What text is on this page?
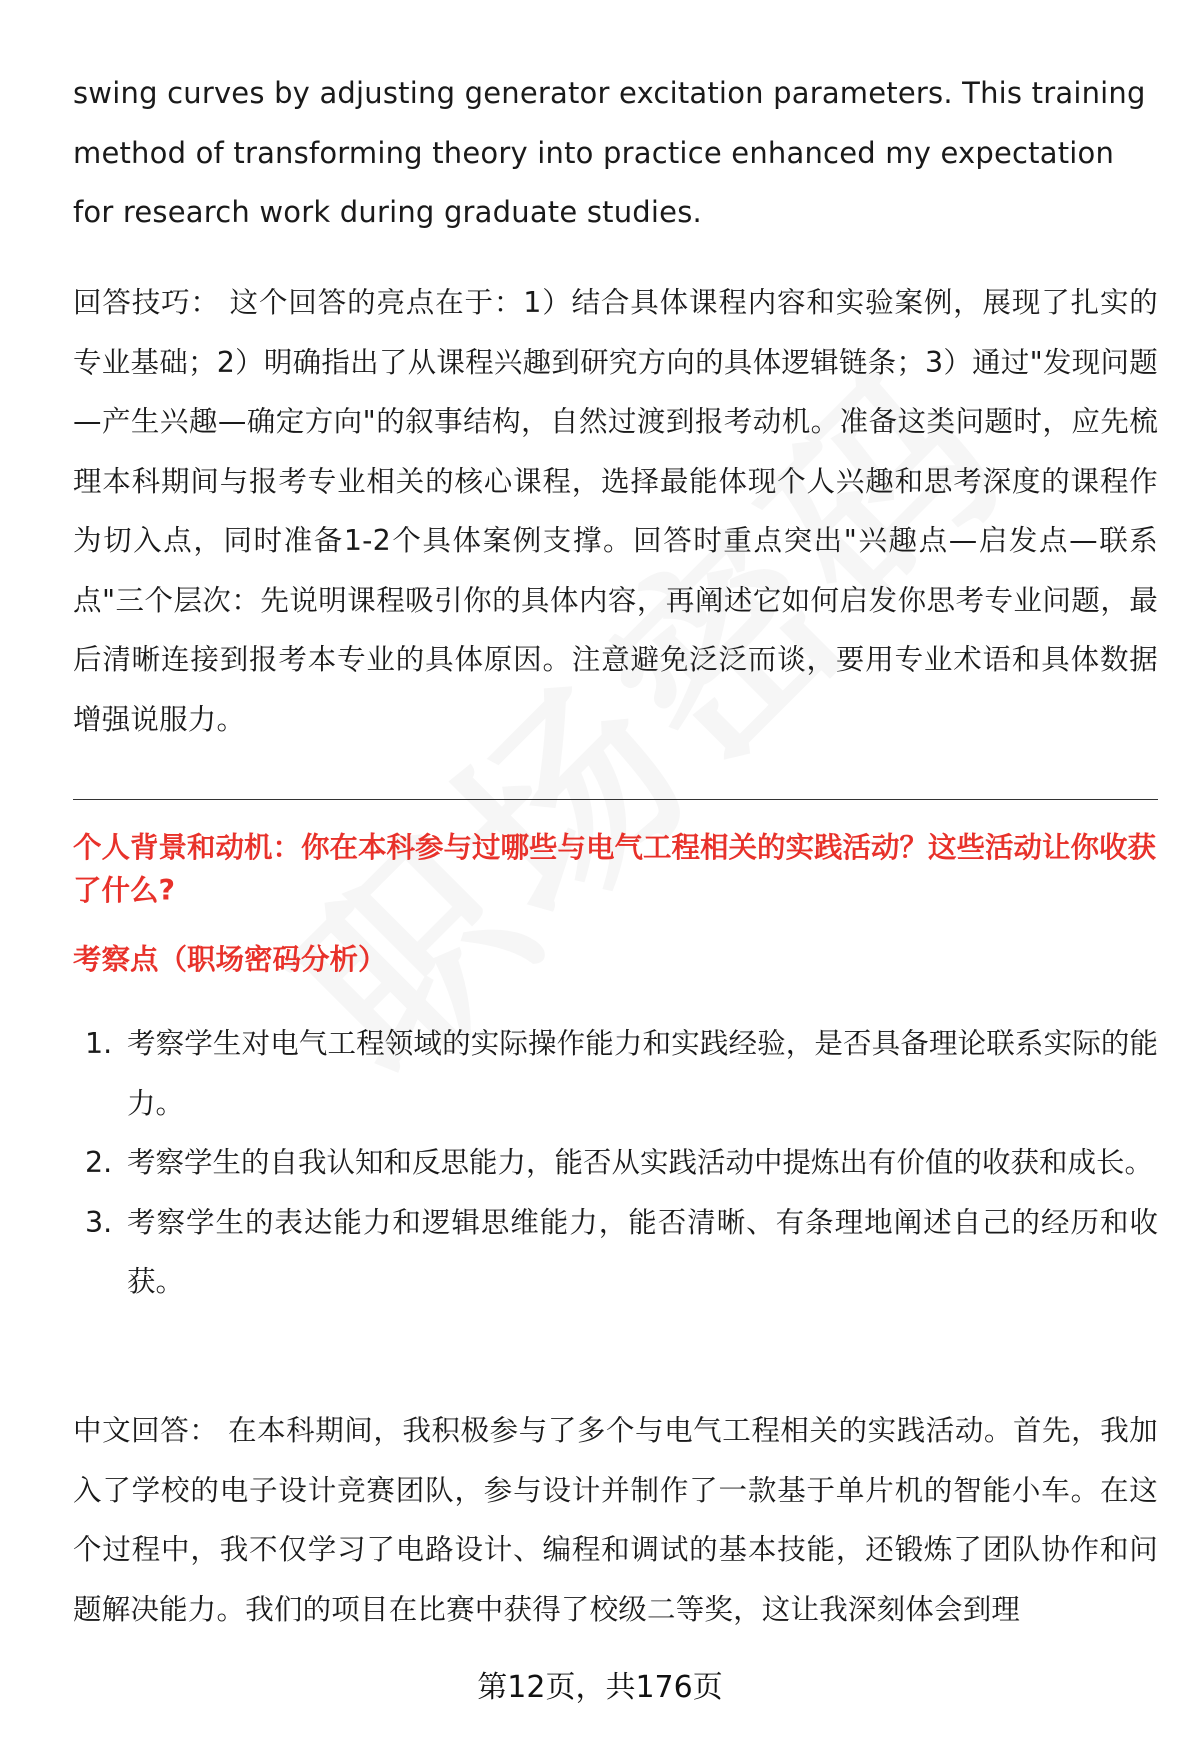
swing curves by adjusting generator excitation parameters. This training method of transforming theory into practice enhanced my expectation for research work during graduate studies.

回答技巧： 这个回答的亮点在于：1）结合具体课程内容和实验案例，展现了扎实的专业基础；2）明确指出了从课程兴趣到研究方向的具体逻辑链条；3）通过"发现问题—产生兴趣—确定方向"的叙事结构，自然过渡到报考动机。准备这类问题时，应先梳理本科期间与报考专业相关的核心课程，选择最能体现个人兴趣和思考深度的课程作为切入点，同时准备1-2个具体案例支撑。回答时重点突出"兴趣点—启发点—联系点"三个层次：先说明课程吸引你的具体内容，再阐述它如何启发你思考专业问题，最后清晰连接到报考本专业的具体原因。注意避免泛泛而谈，要用专业术语和具体数据增强说服力。

个人背景和动机：你在本科参与过哪些与电气工程相关的实践活动？这些活动让你收获了什么?

考察点（职场密码分析）

1. 考察学生对电气工程领域的实际操作能力和实践经验，是否具备理论联系实际的能力。
2. 考察学生的自我认知和反思能力，能否从实践活动中提炼出有价值的收获和成长。
3. 考察学生的表达能力和逻辑思维能力，能否清晰、有条理地阐述自己的经历和收获。

中文回答： 在本科期间，我积极参与了多个与电气工程相关的实践活动。首先，我加入了学校的电子设计竞赛团队，参与设计并制作了一款基于单片机的智能小车。在这个过程中，我不仅学习了电路设计、编程和调试的基本技能，还锻炼了团队协作和问题解决能力。我们的项目在比赛中获得了校级二等奖，这让我深刻体会到理

第12页，共176页
